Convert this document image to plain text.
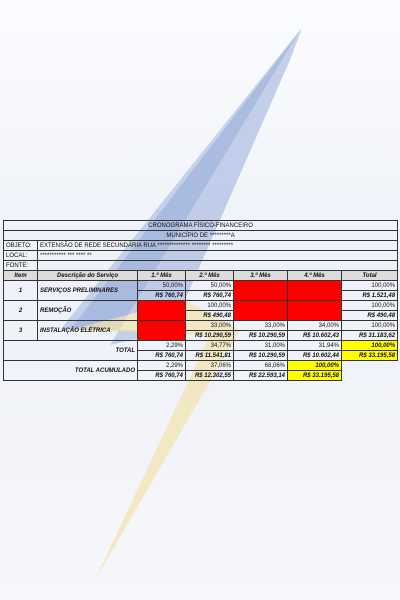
CRONOGRAMA FÍSICO-FINANCEIRO						
MUNICÍPIO DE *********A						
OBJETO:	EXTENSÃO DE REDE SECUNDÁRIA RUA ************** ******** *********					
LOCAL:	*********** *** **** **					
FONTE:						
Item	Descrição do Serviço	1.º Mês	2.º Mês	3.º Mês	4.º Mês	Total
1	SERVIÇOS PRELIMINARES	50,00%	50,00%			100,00%
		R$ 760,74	R$ 760,74			R$ 1.521,48
2	REMOÇÃO		100,00%			100,00%
			R$ 490,48			R$ 490,48
3	INSTALAÇÃO ELÉTRICA		33,00%	33,00%	34,00%	100,00%
			R$ 10.290,59	R$ 10.290,59	R$ 10.602,43	R$ 31.183,62
TOTAL		2,29%	34,77%	31,00%	31,94%	100,00%
		R$ 760,74	R$ 11.541,81	R$ 10.290,59	R$ 10.602,44	R$ 33.195,58
TOTAL ACUMULADO		2,29%	37,06%	68,06%	100,00%	
		R$ 760,74	R$ 12.302,55	R$ 22.593,14	R$ 33.195,58	
